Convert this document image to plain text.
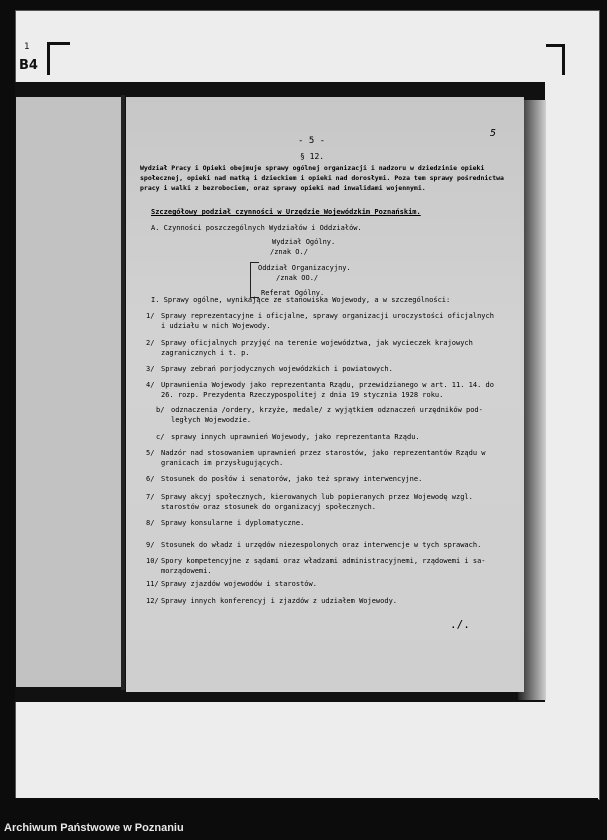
1
B4
- 5 -
5
§ 12.

Wydział Pracy i Opieki obejmuje sprawy ogólnej organizacji i nadzoru w dziedzinie opieki społecznej, opieki nad matką i dzieckiem i opieki nad dorosłymi. Poza tem sprawy pośrednictwa pracy i walki z bezrobociem, oraz sprawy opieki nad inwalidami wojennymi.

Szczegółowy podział czynności w Urzędzie Wojewódzkim Poznańskim.
A. Czynności poszczególnych Wydziałów i Oddziałów.
Wydział Ogólny.
/znak O./
Oddział Organizacyjny.
/znak OO./
Referat Ogólny.
I. Sprawy ogólne, wynikające ze stanowiska Wojewody, a w szczególności:
1/ Sprawy reprezentacyjne i oficjalne, sprawy organizacji uroczystości oficjalnych i udziału w nich Wojewody.
2/ Sprawy oficjalnych przyjęć na terenie województwa, jak wycieczek krajowych zagranicznych i t. p.
3/ Sprawy zebrań porjodycznych wojewódzkich i powiatowych.
4/ Uprawnienia Wojewody jako reprezentanta Rządu, przewidzianego w art. 11. 14. do 26. rozp. Prezydenta Rzeczypospolitej z dnia 19 stycznia 1928 roku.
b/ odznaczenia /ordery, krzyże, medale/ z wyjątkiem odznaczeń urzędników podległych Wojewodzie.
c/ sprawy innych uprawnień Wojewody, jako reprezentanta Rządu.
5/ Nadzór nad stosowaniem uprawnień przez starostów, jako reprezentantów Rządu w granicach im przysługujących.
6/ Stosunek do posłów i senatorów, jako też sprawy interwencyjne.
7/ Sprawy akcyj społecznych, kierowanych lub popieranych przez Wojewodę wzgl. starostów oraz stosunek do organizacyj społecznych.
8/ Sprawy konsularne i dyplomatyczne.
9/ Stosunek do władz i urzędów niezespolonych oraz interwencje w tych sprawach.
10/ Spory kompetencyjne z sądami oraz władzami administracyjnemi, rządowemi i samorządowemi.
11/ Sprawy zjazdów wojewodów i starostów.
12/ Sprawy innych konferencyj i zjazdów z udziałem Wojewody.
./.
Archiwum Państwowe w Poznaniu
